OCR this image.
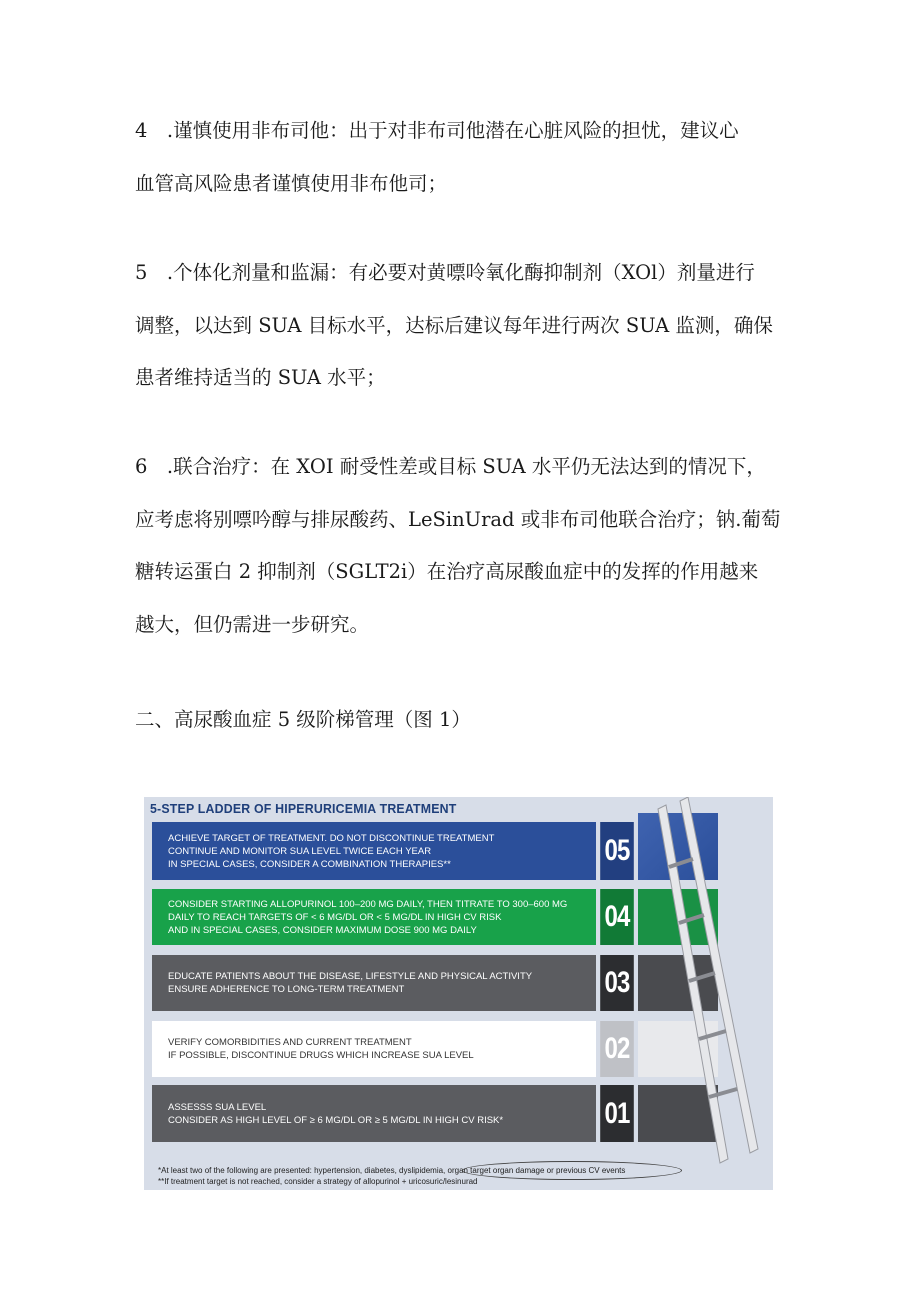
4　.谨慎使用非布司他：出于对非布司他潜在心脏风险的担忧，建议心
血管高风险患者谨慎使用非布他司；
5　.个体化剂量和监漏：有必要对黄嘌呤氧化酶抑制剂（XOl）剂量进行
调整，以达到 SUA 目标水平，达标后建议每年进行两次 SUA 监测，确保
患者维持适当的 SUA 水平；
6　.联合治疗：在 XOI 耐受性差或目标 SUA 水平仍无法达到的情况下，
应考虑将别嘌吟醇与排尿酸药、LeSinUrad 或非布司他联合治疗；钠.葡萄
糖转运蛋白 2 抑制剂（SGLT2i）在治疗高尿酸血症中的发挥的作用越来
越大，但仍需进一步研究。
二、高尿酸血症 5 级阶梯管理（图 1）
5-STEP LADDER OF HIPERURICEMIA TREATMENT
ACHIEVE TARGET OF TREATMENT. DO NOT DISCONTINUE TREATMENT
CONTINUE AND MONITOR SUA LEVEL TWICE EACH YEAR
IN SPECIAL CASES, CONSIDER A COMBINATION THERAPIES**	05
CONSIDER STARTING ALLOPURINOL 100–200 MG DAILY, THEN TITRATE TO 300–600 MG
DAILY TO REACH TARGETS OF < 6 MG/DL OR < 5 MG/DL IN HIGH CV RISK
AND IN SPECIAL CASES, CONSIDER MAXIMUM DOSE 900 MG DAILY	04
EDUCATE PATIENTS ABOUT THE DISEASE, LIFESTYLE AND PHYSICAL ACTIVITY
ENSURE ADHERENCE TO LONG-TERM TREATMENT	03
VERIFY COMORBIDITIES AND CURRENT TREATMENT
IF POSSIBLE, DISCONTINUE DRUGS WHICH INCREASE SUA LEVEL	02
ASSESSS SUA LEVEL
CONSIDER AS HIGH LEVEL OF ≥ 6 MG/DL OR ≥ 5 MG/DL IN HIGH CV RISK*	01
*At least two of the following are presented: hypertension, diabetes, dyslipidemia, organ target organ damage or previous CV events
**If treatment target is not reached, consider a strategy of allopurinol + uricosuric/lesinurad
